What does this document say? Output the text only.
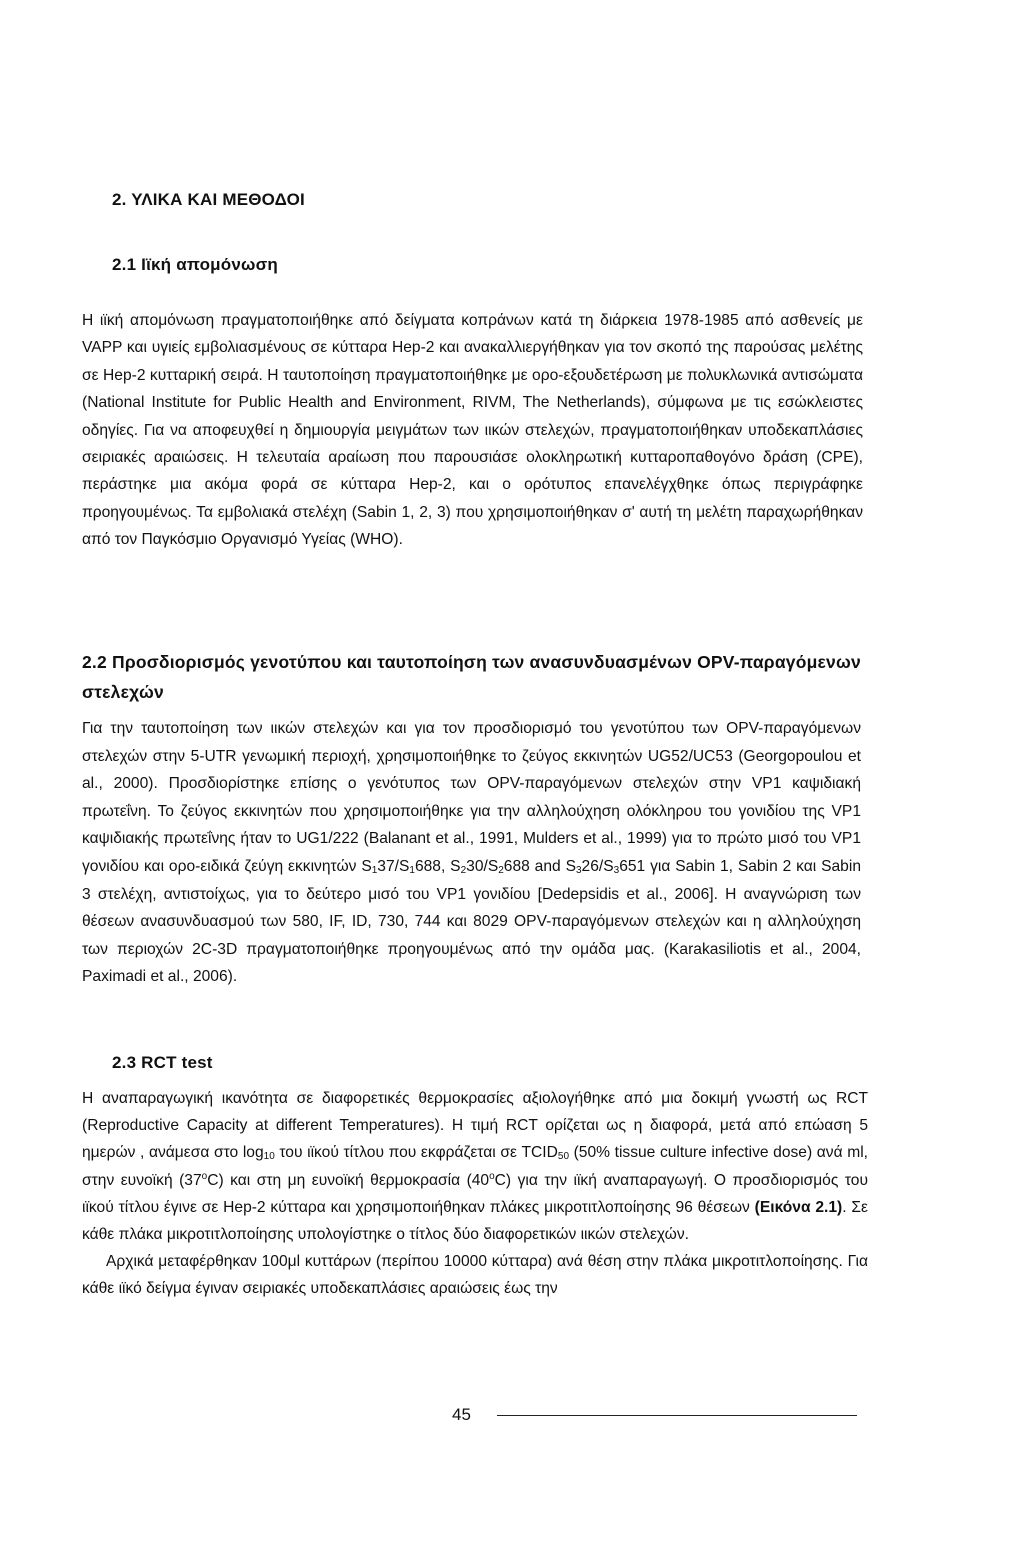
2. ΥΛΙΚΑ ΚΑΙ ΜΕΘΟΔΟΙ
2.1 Ιϊκή απομόνωση
Η ιϊκή απομόνωση πραγματοποιήθηκε από δείγματα κοπράνων κατά τη διάρκεια 1978-1985 από ασθενείς με VAPP και υγιείς εμβολιασμένους σε κύτταρα Hep-2 και ανακαλλιεργήθηκαν για τον σκοπό της παρούσας μελέτης σε Hep-2 κυτταρική σειρά. Η ταυτοποίηση πραγματοποιήθηκε με ορο-εξουδετέρωση με πολυκλωνικά αντισώματα (National Institute for Public Health and Environment, RIVM, The Netherlands), σύμφωνα με τις εσώκλειστες οδηγίες. Για να αποφευχθεί η δημιουργία μειγμάτων των ιικών στελεχών, πραγματοποιήθηκαν υποδεκαπλάσιες σειριακές αραιώσεις. Η τελευταία αραίωση που παρουσιάσε ολοκληρωτική κυτταροπαθογόνο δράση (CPE), περάστηκε μια ακόμα φορά σε κύτταρα Hep-2, και ο ορότυπος επανελέγχθηκε όπως περιγράφηκε προηγουμένως. Τα εμβολιακά στελέχη (Sabin 1, 2, 3) που χρησιμοποιήθηκαν σ' αυτή τη μελέτη παραχωρήθηκαν από τον Παγκόσμιο Οργανισμό Υγείας (WHO).
2.2 Προσδιορισμός γενοτύπου και ταυτοποίηση των ανασυνδυασμένων OPV-παραγόμενων στελεχών
Για την ταυτοποίηση των ιικών στελεχών και για τον προσδιορισμό του γενοτύπου των OPV-παραγόμενων στελεχών στην 5-UTR γενωμική περιοχή, χρησιμοποιήθηκε το ζεύγος εκκινητών UG52/UC53 (Georgopoulou et al., 2000). Προσδιορίστηκε επίσης ο γενότυπος των OPV-παραγόμενων στελεχών στην VP1 καψιδιακή πρωτεΐνη. Το ζεύγος εκκινητών που χρησιμοποιήθηκε για την αλληλούχηση ολόκληρου του γονιδίου της VP1 καψιδιακής πρωτεΐνης ήταν το UG1/222 (Balanant et al., 1991, Mulders et al., 1999) για το πρώτο μισό του VP1 γονιδίου και ορο-ειδικά ζεύγη εκκινητών $S_137/S_1688$, $S_230/S_2688$ and $S_326/S_3651$ για Sabin 1, Sabin 2 και Sabin 3 στελέχη, αντιστοίχως, για το δεύτερο μισό του VP1 γονιδίου [Dedepsidis et al., 2006]. Η αναγνώριση των θέσεων ανασυνδυασμού των 580, IF, ID, 730, 744 και 8029 OPV-παραγόμενων στελεχών και η αλληλούχηση των περιοχών 2C-3D πραγματοποιήθηκε προηγουμένως από την ομάδα μας. (Karakasiliotis et al., 2004, Paximadi et al., 2006).
2.3 RCT test
Η αναπαραγωγική ικανότητα σε διαφορετικές θερμοκρασίες αξιολογήθηκε από μια δοκιμή γνωστή ως RCT (Reproductive Capacity at different Temperatures). Η τιμή RCT ορίζεται ως η διαφορά, μετά από επώαση 5 ημερών , ανάμεσα στο $\log_{10} \tau o\upsilon$ ιϊκού τίτλου που εκφράζεται σε $TCID_{50}$ (50% tissue culture infective dose) ανά ml, στην ευνοϊκή (37$^o$C) και στη μη ευνοϊκή θερμοκρασία (40$^o$C) για την ιϊκή αναπαραγωγή. Ο προσδιορισμός του ιϊκού τίτλου έγινε σε Hep-2 κύτταρα και χρησιμοποιήθηκαν πλάκες μικροτιτλοποίησης 96 θέσεων (Εικόνα 2.1). Σε κάθε πλάκα μικροτιτλοποίησης υπολογίστηκε ο τίτλος δύο διαφορετικών ιικών στελεχών.
Αρχικά μεταφέρθηκαν 100μl κυττάρων (περίπου 10000 κύτταρα) ανά θέση στην πλάκα μικροτιτλοποίησης. Για κάθε ιϊκό δείγμα έγιναν σειριακές υποδεκαπλάσιες αραιώσεις έως την
45
